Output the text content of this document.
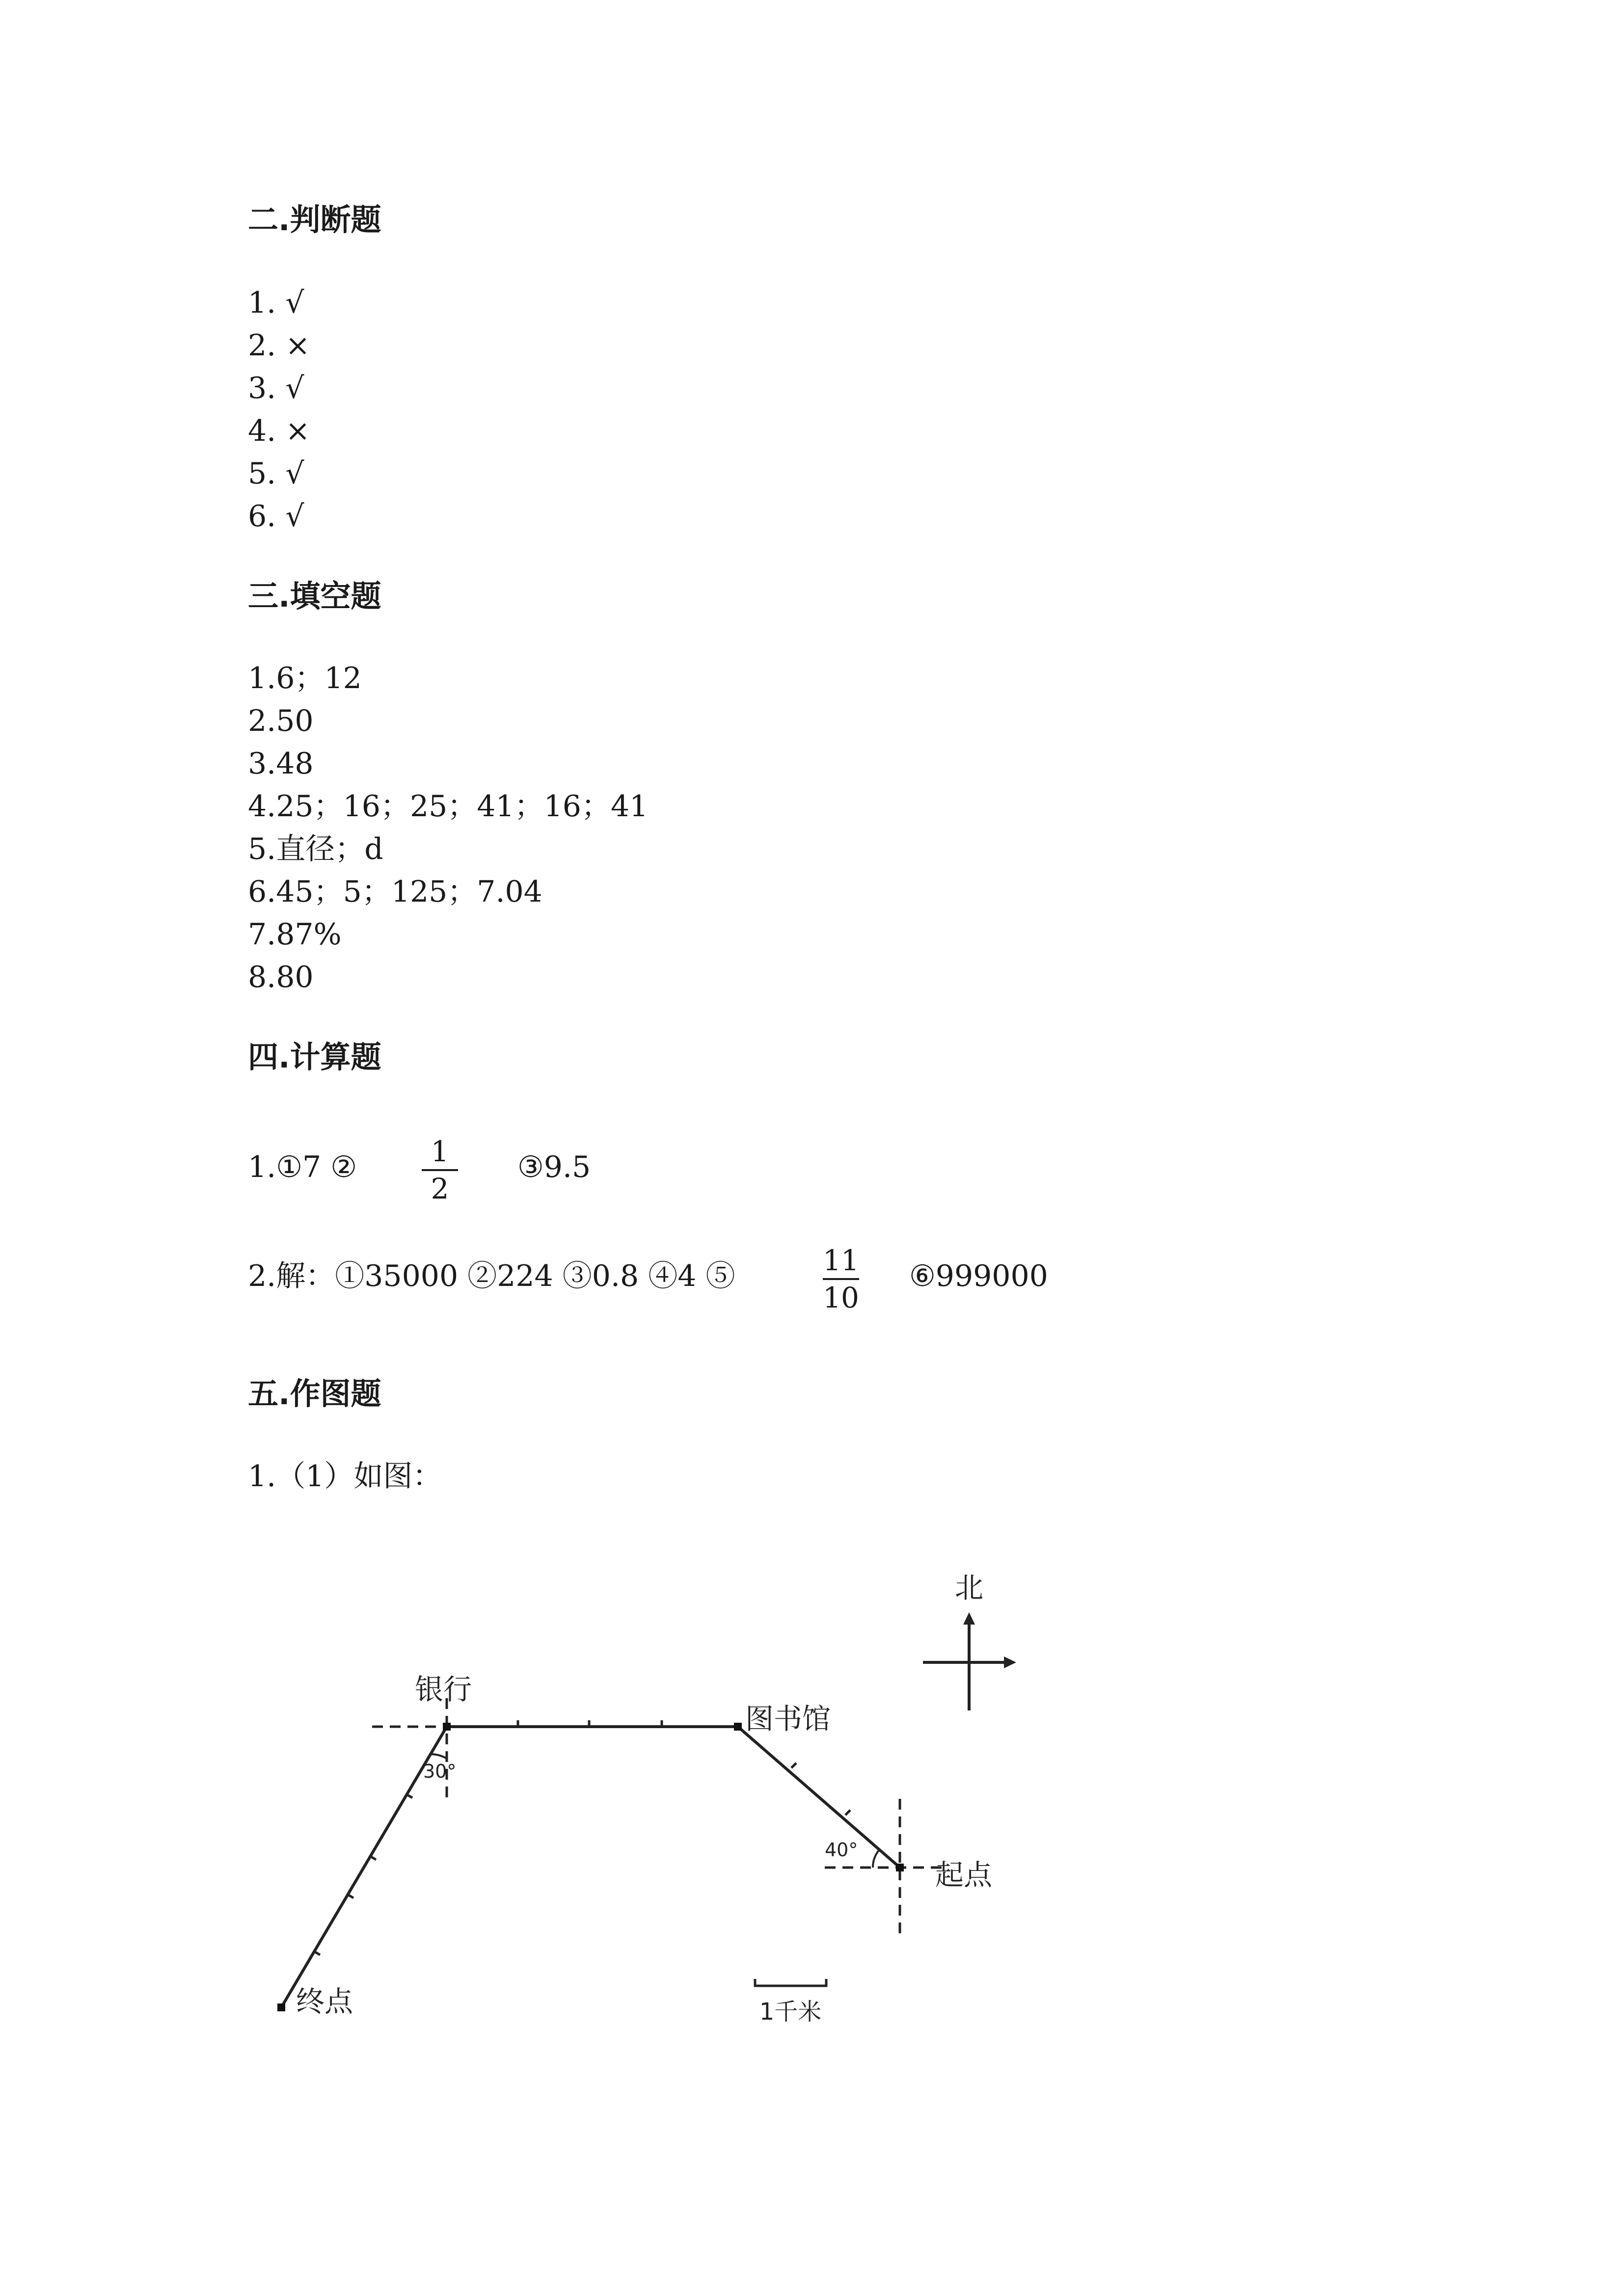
二.判断题

1. √

2. ×

3. √

4. ×

5. √

6. √

三.填空题

1.6；12

2.50

3.48

4.25；16；25；41；16；41

5.直径；d

6.45；5；125；7.04

7.87%

8.80

四.计算题
1.①7 ②	1
2
③9.5
2.解：①35000 ②224 ③0.8 ④4 ⑤	11
10
⑥999000
五.作图题

1.（1）如图：

北
银行
图书馆
起点
终点
30°
40°
1千米
